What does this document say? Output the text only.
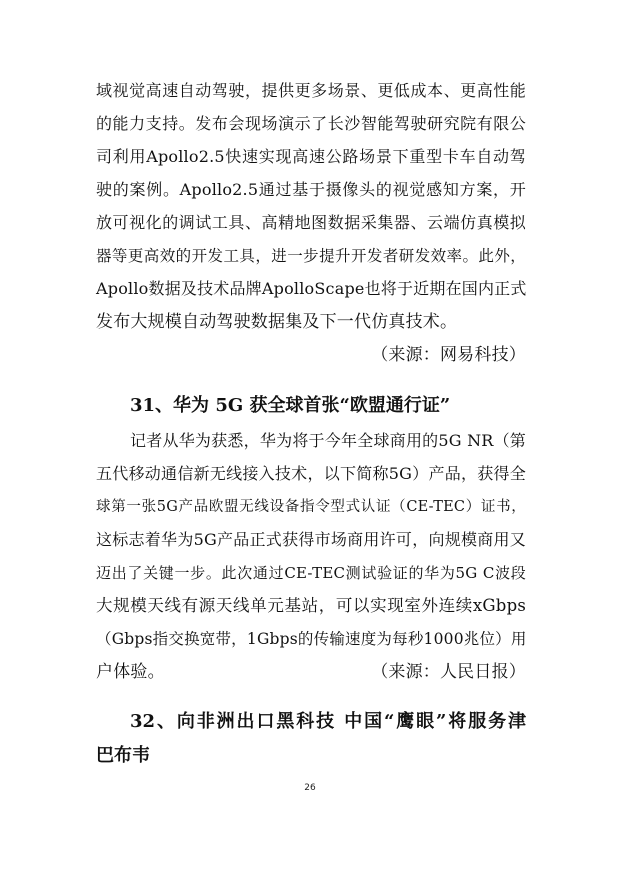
域视觉高速自动驾驶，提供更多场景、更低成本、更高性能
的能力支持。发布会现场演示了长沙智能驾驶研究院有限公
司利用Apollo2.5快速实现高速公路场景下重型卡车自动驾
驶的案例。Apollo2.5通过基于摄像头的视觉感知方案，开
放可视化的调试工具、高精地图数据采集器、云端仿真模拟
器等更高效的开发工具，进一步提升开发者研发效率。此外，
Apollo数据及技术品牌ApolloScape也将于近期在国内正式
发布大规模自动驾驶数据集及下一代仿真技术。
（来源：网易科技）
31、华为 5G 获全球首张“欧盟通行证”
记者从华为获悉，华为将于今年全球商用的5G NR（第
五代移动通信新无线接入技术，以下简称5G）产品，获得全
球第一张5G产品欧盟无线设备指令型式认证（CE-TEC）证书，
这标志着华为5G产品正式获得市场商用许可，向规模商用又
迈出了关键一步。此次通过CE-TEC测试验证的华为5G C波段
大规模天线有源天线单元基站，可以实现室外连续xGbps
（Gbps指交换宽带，1Gbps的传输速度为每秒1000兆位）用
户体验。	（来源：人民日报）
32、向非洲出口黑科技 中国“鹰眼”将服务津
巴布韦
26
